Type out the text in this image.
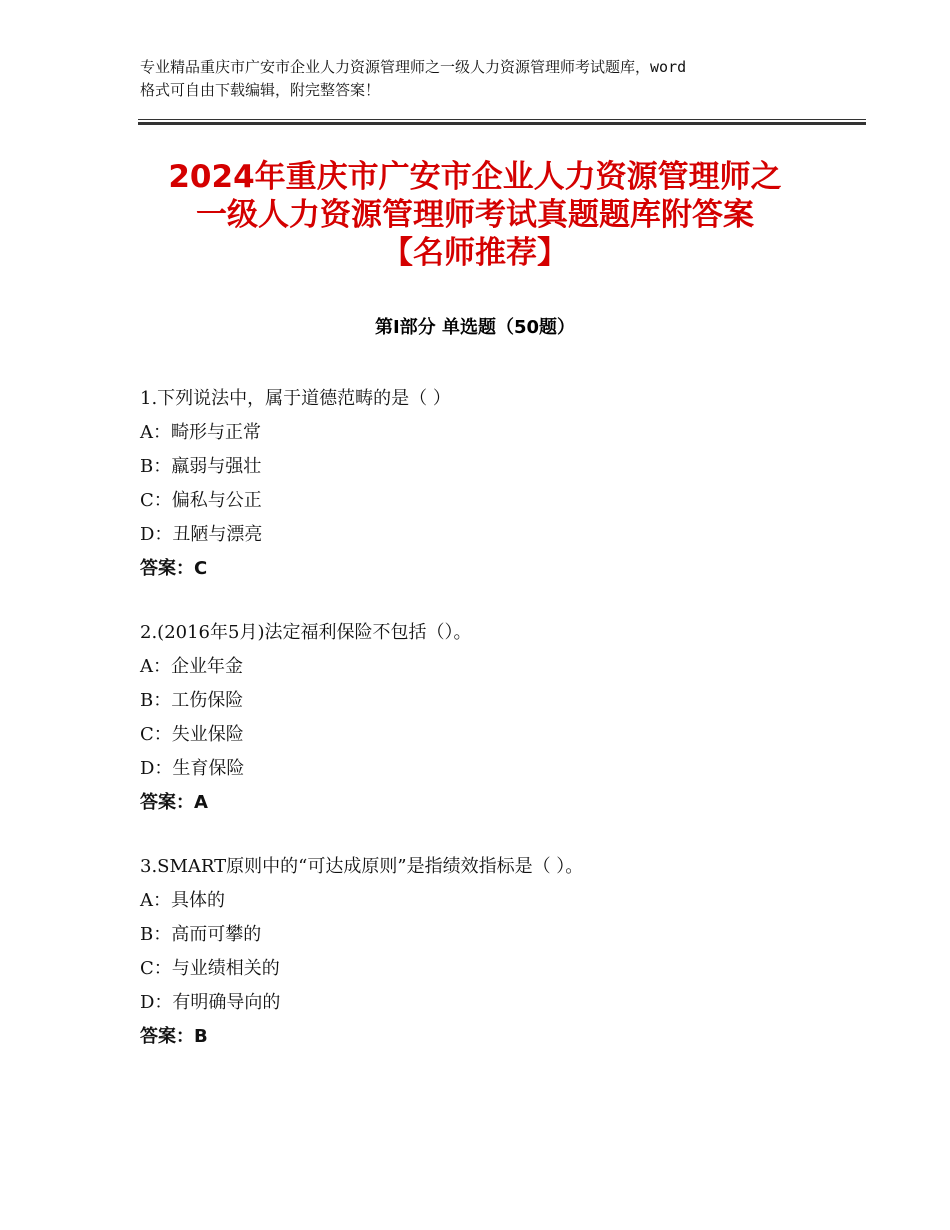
专业精品重庆市广安市企业人力资源管理师之一级人力资源管理师考试题库，word
格式可自由下载编辑，附完整答案！

2024年重庆市广安市企业人力资源管理师之
一级人力资源管理师考试真题题库附答案
【名师推荐】
第Ⅰ部分 单选题（50题）
1.下列说法中，属于道德范畴的是（ ）
A：畸形与正常
B：羸弱与强壮
C：偏私与公正
D：丑陋与漂亮
答案：C
2.(2016年5月)法定福利保险不包括（）。
A：企业年金
B：工伤保险
C：失业保险
D：生育保险
答案：A
3.SMART原则中的“可达成原则”是指绩效指标是（ ）。
A：具体的
B：高而可攀的
C：与业绩相关的
D：有明确导向的
答案：B
